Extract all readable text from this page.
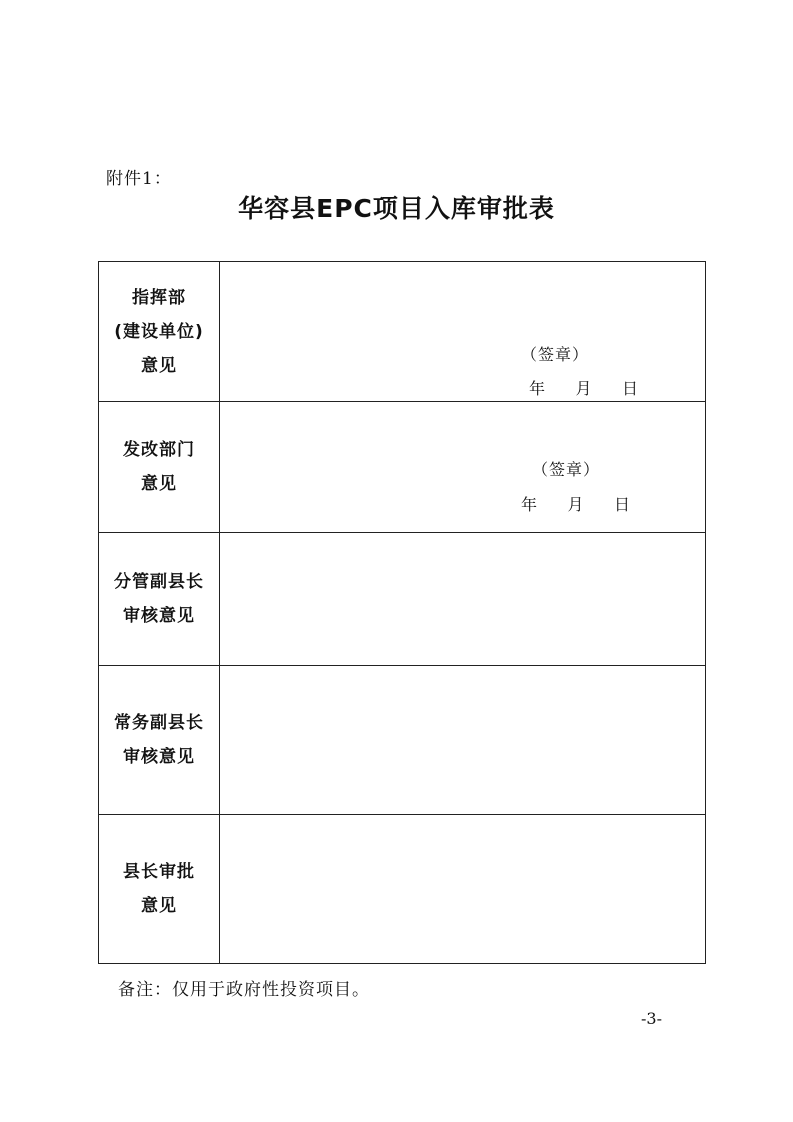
附件1：
华容县EPC项目入库审批表
指挥部
(建设单位)
意见
（签章）
年      月      日
发改部门
意见
（签章）
年      月      日
分管副县长
审核意见
常务副县长
审核意见
县长审批
意见
备注：仅用于政府性投资项目。
-3-
